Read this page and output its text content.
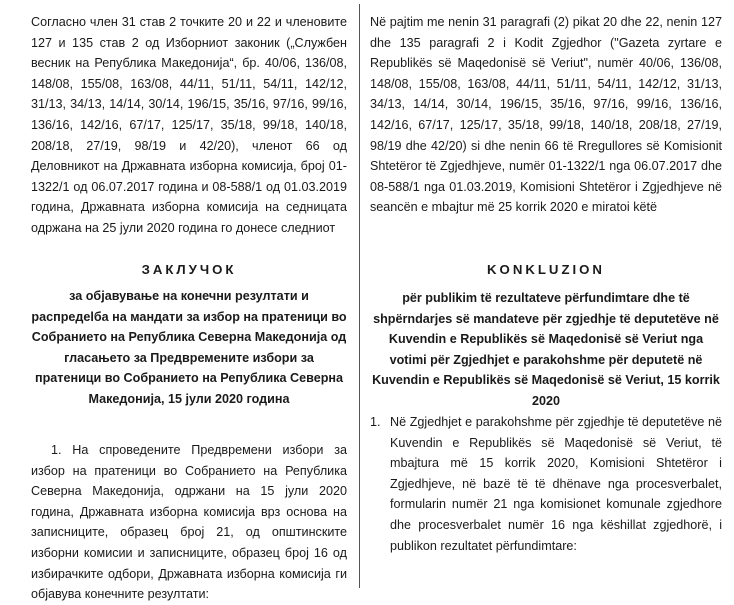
Согласно член 31 став 2 точките 20 и 22 и членовите 127 и 135 став 2 од Изборниот законик („Службен весник на Република Македонија“, бр. 40/06, 136/08, 148/08, 155/08, 163/08, 44/11, 51/11, 54/11, 142/12, 31/13, 34/13, 14/14, 30/14, 196/15, 35/16, 97/16, 99/16, 136/16, 142/16, 67/17, 125/17, 35/18, 99/18, 140/18, 208/18, 27/19, 98/19 и 42/20), членот 66 од Деловникот на Државната изборна комисија, број 01-1322/1 од 06.07.2017 година и 08-588/1 од 01.03.2019 година, Државната изборна комисија на седницата одржана на 25 јули 2020 година го донесе следниот

ЗАКЛУЧОК

за објавување на конечни резултати и распредelба на мандати за избор на пратеници во Собранието на Република Северна Македонија од гласањето за Предвремените избори за пратеници во Собранието на Република Северна Македонија, 15 јули 2020 година

1. На спроведените Предвремени избори за избор на пратеници во Собранието на Република Северна Македонија, одржани на 15 јули 2020 година, Државната изборна комисија врз основа на записниците, образец број 21, од општинските изборни комисии и записниците, образец број 16 од избирачките одбори, Државната изборна комисија ги објавува конечните резултати:

Në pajtim me nenin 31 paragrafi (2) pikat 20 dhe 22, nenin 127 dhe 135 paragrafi 2 i Kodit Zgjedhor ("Gazeta zyrtare e Republikës së Maqedonisë së Veriut", numër 40/06, 136/08, 148/08, 155/08, 163/08, 44/11, 51/11, 54/11, 142/12, 31/13, 34/13, 14/14, 30/14, 196/15, 35/16, 97/16, 99/16, 136/16, 142/16, 67/17, 125/17, 35/18, 99/18, 140/18, 208/18, 27/19, 98/19 dhe 42/20) si dhe nenin 66 të Rregullores së Komisionit Shtetëror të Zgjedhjeve, numër 01-1322/1 nga 06.07.2017 dhe 08-588/1 nga 01.03.2019, Komisioni Shtetëror i Zgjedhjeve në seancën e mbajtur më 25 korrik 2020 e miratoi këtë

KONKLUZION

për publikim të rezultateve përfundimtare dhe të shpërndarjes së mandateve për zgjedhje të deputetëve në Kuvendin e Republikës së Maqedonisë së Veriut nga votimi për Zgjedhjet e parakohshme për deputetë në Kuvendin e Republikës së Maqedonisë së Veriut, 15 korrik 2020

1. Në Zgjedhjet e parakohshme për zgjedhje të deputetëve në Kuvendin e Republikës së Maqedonisë së Veriut, të mbajtura më 15 korrik 2020, Komisioni Shtetëror i Zgjedhjeve, në bazë të të dhënave nga procesverbalet, formularin numër 21 nga komisionet komunale zgjedhore dhe procesverbalet numër 16 nga këshillat zgjedhorë, i publikon rezultatet përfundimtare:
